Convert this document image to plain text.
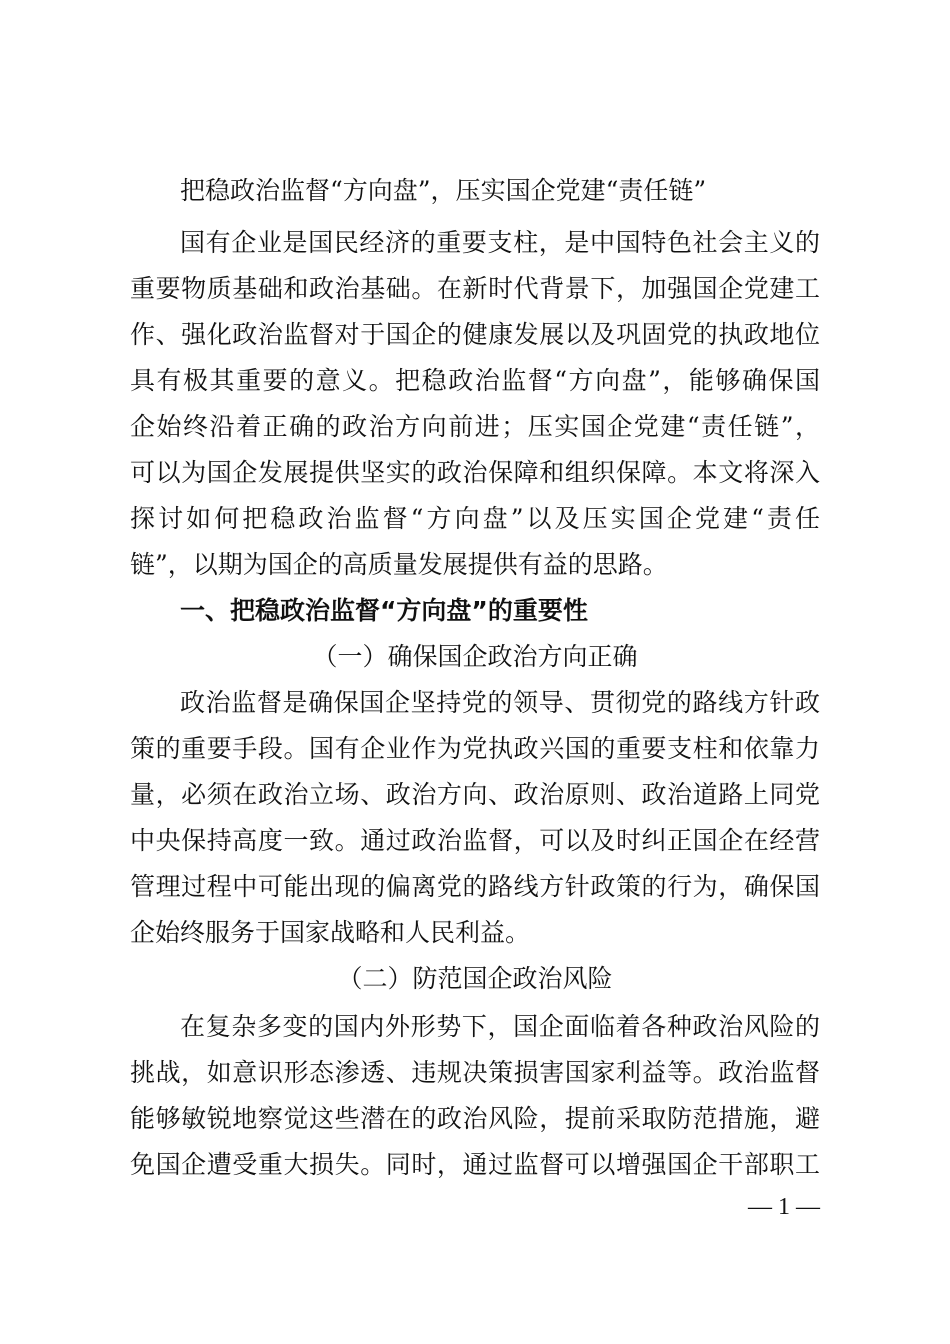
把稳政治监督“方向盘”，压实国企党建“责任链”
国有企业是国民经济的重要支柱，是中国特色社会主义的
重要物质基础和政治基础。在新时代背景下，加强国企党建工
作、强化政治监督对于国企的健康发展以及巩固党的执政地位
具有极其重要的意义。把稳政治监督“方向盘”，能够确保国
企始终沿着正确的政治方向前进；压实国企党建“责任链”，
可以为国企发展提供坚实的政治保障和组织保障。本文将深入
探讨如何把稳政治监督“方向盘”以及压实国企党建“责任
链”，以期为国企的高质量发展提供有益的思路。
一、把稳政治监督“方向盘”的重要性
（一）确保国企政治方向正确
政治监督是确保国企坚持党的领导、贯彻党的路线方针政
策的重要手段。国有企业作为党执政兴国的重要支柱和依靠力
量，必须在政治立场、政治方向、政治原则、政治道路上同党
中央保持高度一致。通过政治监督，可以及时纠正国企在经营
管理过程中可能出现的偏离党的路线方针政策的行为，确保国
企始终服务于国家战略和人民利益。
（二）防范国企政治风险
在复杂多变的国内外形势下，国企面临着各种政治风险的
挑战，如意识形态渗透、违规决策损害国家利益等。政治监督
能够敏锐地察觉这些潜在的政治风险，提前采取防范措施，避
免国企遭受重大损失。同时，通过监督可以增强国企干部职工
— 1 —
